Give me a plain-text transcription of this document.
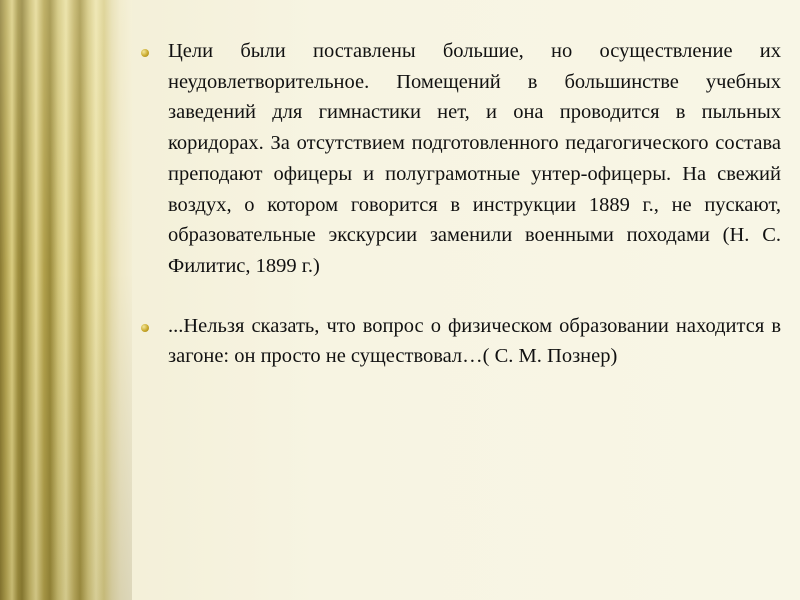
Цели были поставлены большие, но осуществление их неудовлетворительное. Помещений в большинстве учебных заведений для гимнастики нет, и она проводится в пыльных коридорах. За отсутствием подготовленного педагогического состава преподают офицеры и полуграмотные унтер-офицеры. На свежий воздух, о котором говорится в инструкции 1889 г., не пускают, образовательные экскурсии заменили военными походами (Н. С. Филитис, 1899 г.)
...Нельзя сказать, что вопрос о физическом образовании находится в загоне: он просто не существовал…( С. М. Познер)
